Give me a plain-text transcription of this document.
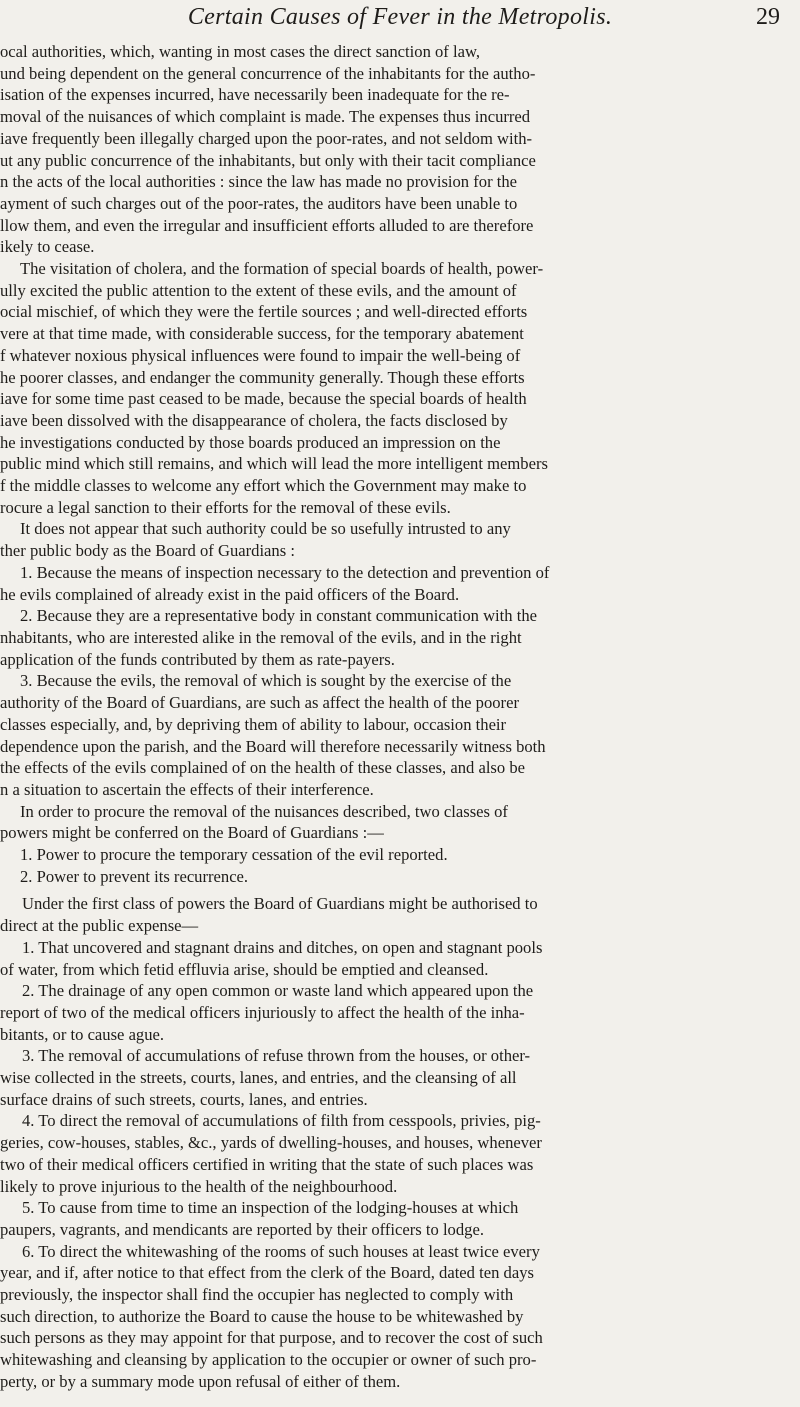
Certain Causes of Fever in the Metropolis.	29
ocal authorities, which, wanting in most cases the direct sanction of law,
und being dependent on the general concurrence of the inhabitants for the autho-
isation of the expenses incurred, have necessarily been inadequate for the re-
moval of the nuisances of which complaint is made. The expenses thus incurred
iave frequently been illegally charged upon the poor-rates, and not seldom with-
ut any public concurrence of the inhabitants, but only with their tacit compliance
n the acts of the local authorities : since the law has made no provision for the
ayment of such charges out of the poor-rates, the auditors have been unable to
llow them, and even the irregular and insufficient efforts alluded to are therefore
ikely to cease.
The visitation of cholera, and the formation of special boards of health, power-
ully excited the public attention to the extent of these evils, and the amount of
ocial mischief, of which they were the fertile sources ; and well-directed efforts
vere at that time made, with considerable success, for the temporary abatement
f whatever noxious physical influences were found to impair the well-being of
he poorer classes, and endanger the community generally. Though these efforts
iave for some time past ceased to be made, because the special boards of health
iave been dissolved with the disappearance of cholera, the facts disclosed by
he investigations conducted by those boards produced an impression on the
public mind which still remains, and which will lead the more intelligent members
f the middle classes to welcome any effort which the Government may make to
rocure a legal sanction to their efforts for the removal of these evils.
It does not appear that such authority could be so usefully intrusted to any
ther public body as the Board of Guardians :
1. Because the means of inspection necessary to the detection and prevention of
he evils complained of already exist in the paid officers of the Board.
2. Because they are a representative body in constant communication with the
nhabitants, who are interested alike in the removal of the evils, and in the right
application of the funds contributed by them as rate-payers.
3. Because the evils, the removal of which is sought by the exercise of the
authority of the Board of Guardians, are such as affect the health of the poorer
classes especially, and, by depriving them of ability to labour, occasion their
dependence upon the parish, and the Board will therefore necessarily witness both
the effects of the evils complained of on the health of these classes, and also be
n a situation to ascertain the effects of their interference.
In order to procure the removal of the nuisances described, two classes of
powers might be conferred on the Board of Guardians :—
1. Power to procure the temporary cessation of the evil reported.
2. Power to prevent its recurrence.
Under the first class of powers the Board of Guardians might be authorised to
direct at the public expense—
1. That uncovered and stagnant drains and ditches, on open and stagnant pools
of water, from which fetid effluvia arise, should be emptied and cleansed.
2. The drainage of any open common or waste land which appeared upon the
report of two of the medical officers injuriously to affect the health of the inha-
bitants, or to cause ague.
3. The removal of accumulations of refuse thrown from the houses, or other-
wise collected in the streets, courts, lanes, and entries, and the cleansing of all
surface drains of such streets, courts, lanes, and entries.
4. To direct the removal of accumulations of filth from cesspools, privies, pig-
geries, cow-houses, stables, &c., yards of dwelling-houses, and houses, whenever
two of their medical officers certified in writing that the state of such places was
likely to prove injurious to the health of the neighbourhood.
5. To cause from time to time an inspection of the lodging-houses at which
paupers, vagrants, and mendicants are reported by their officers to lodge.
6. To direct the whitewashing of the rooms of such houses at least twice every
year, and if, after notice to that effect from the clerk of the Board, dated ten days
previously, the inspector shall find the occupier has neglected to comply with
such direction, to authorize the Board to cause the house to be whitewashed by
such persons as they may appoint for that purpose, and to recover the cost of such
whitewashing and cleansing by application to the occupier or owner of such pro-
perty, or by a summary mode upon refusal of either of them.
